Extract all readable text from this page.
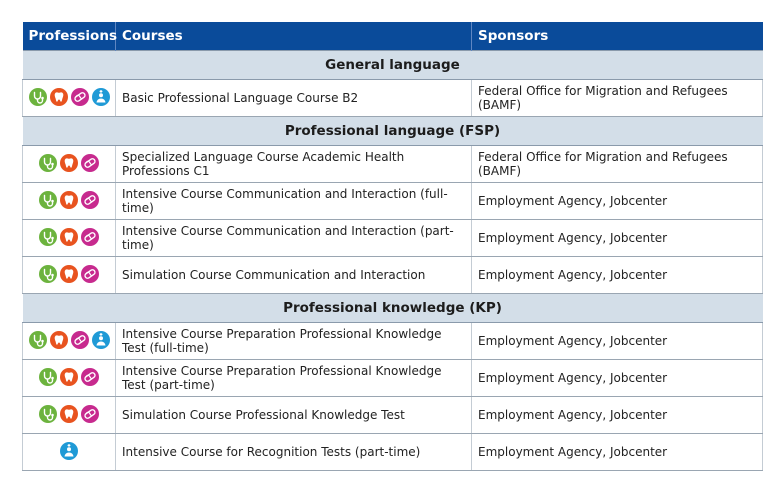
Professions	Courses	Sponsors
General language		

	Basic Professional Language Course B2	Federal Office for Migration and Refugees (BAMF)
Professional language (FSP)		

	Specialized Language Course Academic Health Professions C1	Federal Office for Migration and Refugees (BAMF)

	Intensive Course Communication and Interaction (full-time)	Employment Agency, Jobcenter

	Intensive Course Communication and Interaction (part-time)	Employment Agency, Jobcenter

	Simulation Course Communication and Interaction	Employment Agency, Jobcenter
Professional knowledge (KP)		

	Intensive Course Preparation Professional Knowledge Test (full-time)	Employment Agency, Jobcenter

	Intensive Course Preparation Professional Knowledge Test (part-time)	Employment Agency, Jobcenter

	Simulation Course Professional Knowledge Test	Employment Agency, Jobcenter

	Intensive Course for Recognition Tests (part-time)	Employment Agency, Jobcenter
